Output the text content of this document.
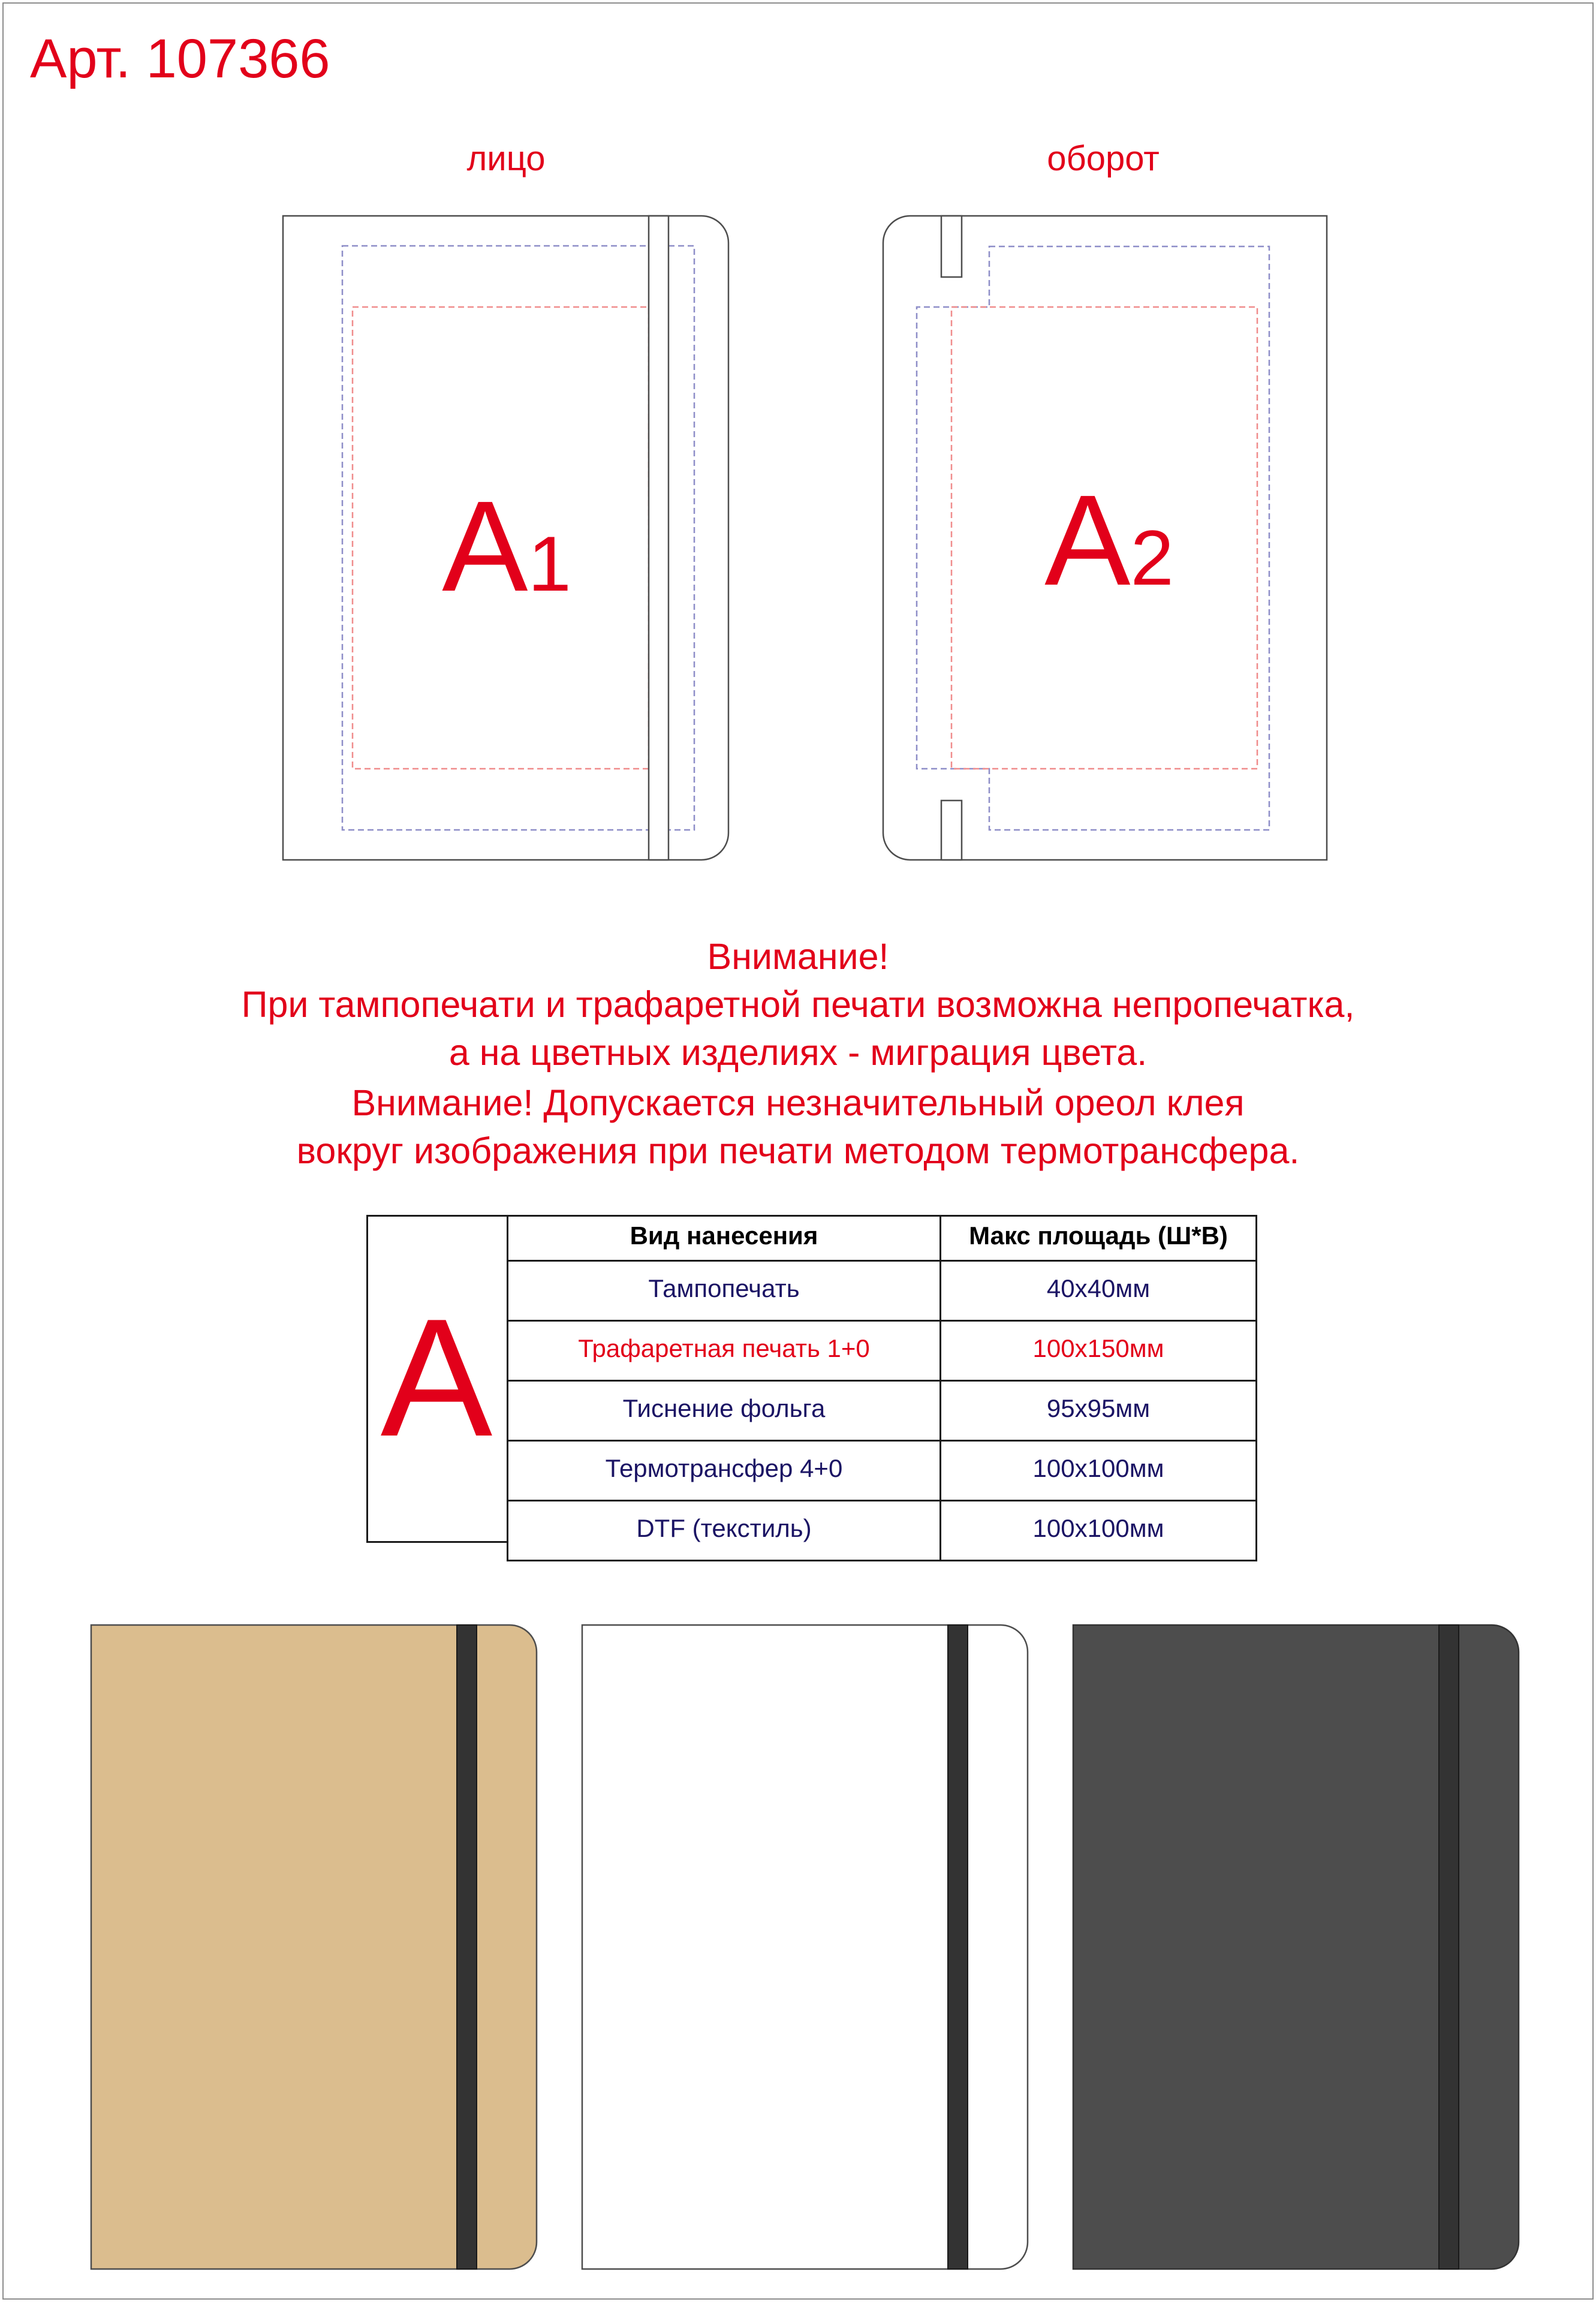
Арт. 107366
лицо	оборот
A1	A2
Внимание!
При тампопечати и трафаретной печати возможна непропечатка,
а на цветных изделиях - миграция цвета.
Внимание! Допускается незначительный ореол клея
вокруг изображения при печати методом термотрансфера.
A
Вид нанесения	Макс площадь (Ш*В)
Тампопечать	40x40мм
Трафаретная печать 1+0	100x150мм
Тиснение фольга	95x95мм
Термотрансфер 4+0	100x100мм
DTF (текстиль)	100x100мм
